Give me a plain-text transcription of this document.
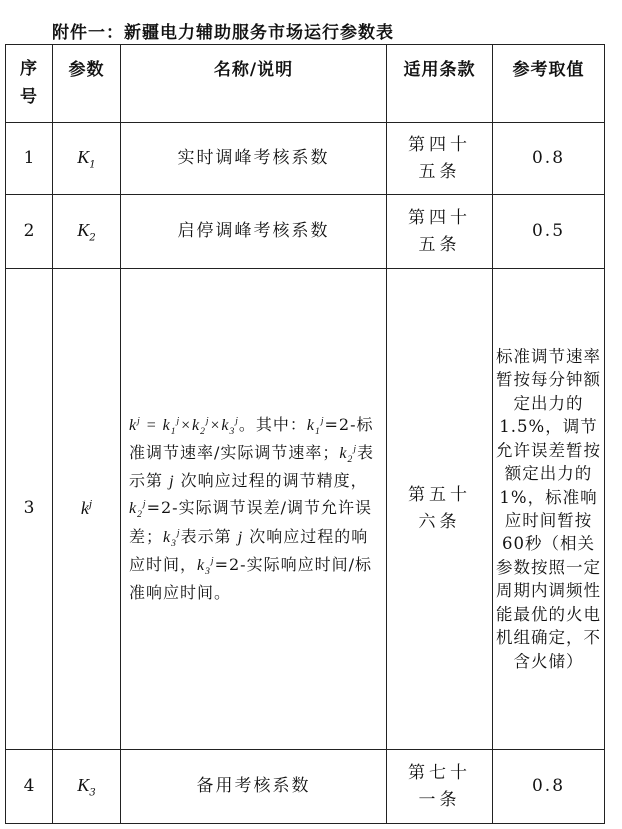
附件一：新疆电力辅助服务市场运行参数表
序号	参数	名称/说明	适用条款	参考取值
1	$K_1$	实时调峰考核系数	第四十五条	0.8
2	$K_2$	启停调峰考核系数	第四十五条	0.5
3	$k^j$	$k^j = k_1^j\times k_2^j\times k_3^j$。其中：$k_1^j=2-$标准调节速率/实际调节速率；$k_2^j$表示第 j 次响应过程的调节精度，$k_2^j=2-$实际调节误差/调节允许误差；$k_3^j$表示第 j 次响应过程的响应时间，$k_3^j=2-$实际响应时间/标准响应时间。	第五十六条	标准调节速率暂按每分钟额定出力的1.5%，调节允许误差暂按额定出力的1%，标准响应时间暂按60秒（相关参数按照一定周期内调频性能最优的火电机组确定，不含火储）
4	$K_3$	备用考核系数	第七十一条	0.8
